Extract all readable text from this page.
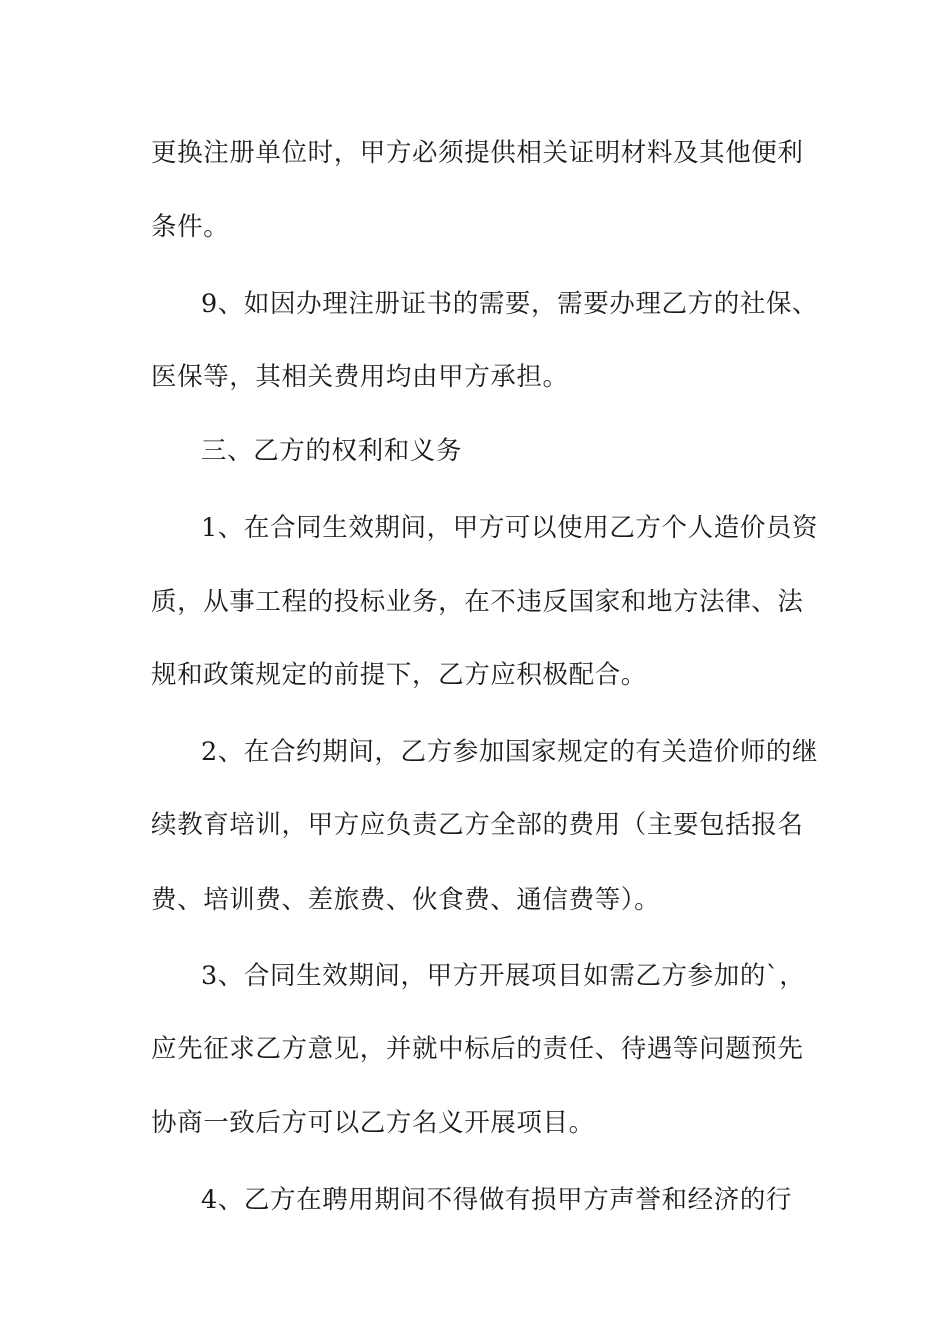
更换注册单位时，甲方必须提供相关证明材料及其他便利

条件。

9、如因办理注册证书的需要，需要办理乙方的社保、

医保等，其相关费用均由甲方承担。

三、乙方的权利和义务

1、在合同生效期间，甲方可以使用乙方个人造价员资

质，从事工程的投标业务，在不违反国家和地方法律、法

规和政策规定的前提下，乙方应积极配合。

2、在合约期间，乙方参加国家规定的有关造价师的继

续教育培训，甲方应负责乙方全部的费用（主要包括报名

费、培训费、差旅费、伙食费、通信费等）。

3、合同生效期间，甲方开展项目如需乙方参加的`，

应先征求乙方意见，并就中标后的责任、待遇等问题预先

协商一致后方可以乙方名义开展项目。

4、乙方在聘用期间不得做有损甲方声誉和经济的行
